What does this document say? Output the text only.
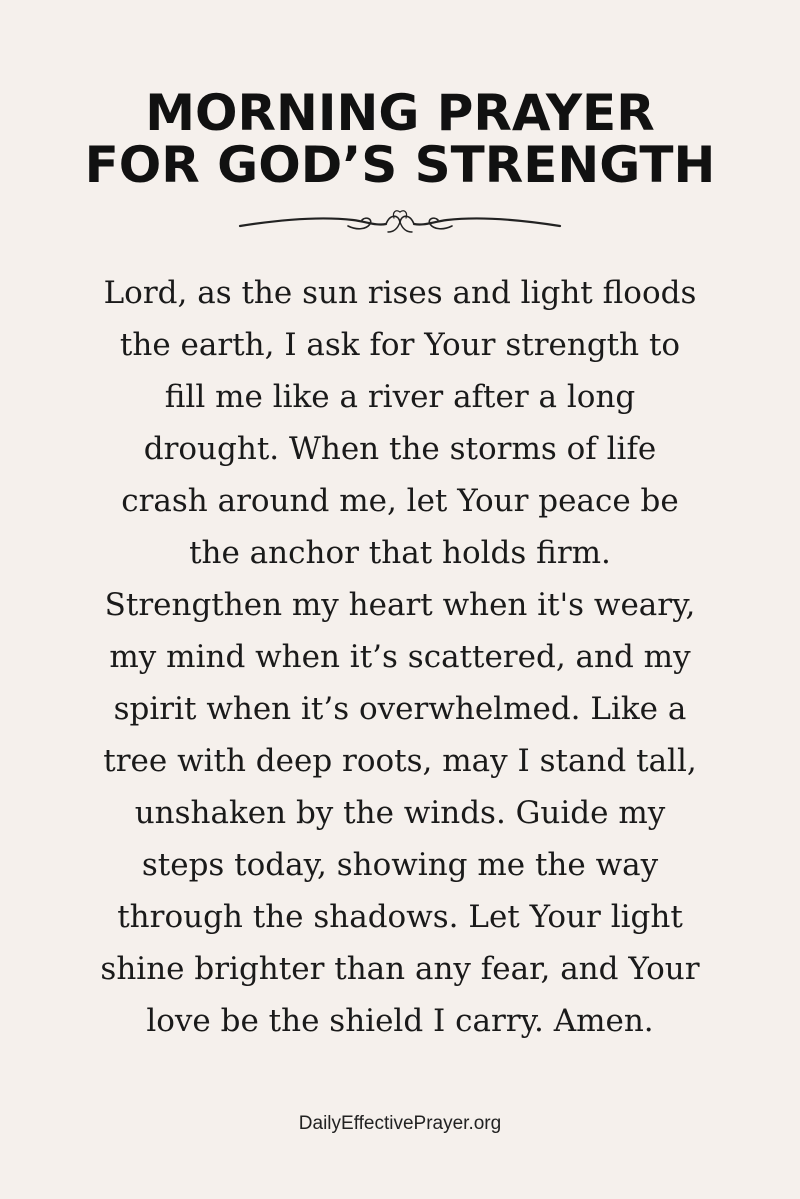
MORNING PRAYER
FOR GOD’S STRENGTH

Lord, as the sun rises and light floods
the earth, I ask for Your strength to
fill me like a river after a long
drought. When the storms of life
crash around me, let Your peace be
the anchor that holds firm.
Strengthen my heart when it's weary,
my mind when it’s scattered, and my
spirit when it’s overwhelmed. Like a
tree with deep roots, may I stand tall,
unshaken by the winds. Guide my
steps today, showing me the way
through the shadows. Let Your light
shine brighter than any fear, and Your
love be the shield I carry. Amen.

DailyEffectivePrayer.org
